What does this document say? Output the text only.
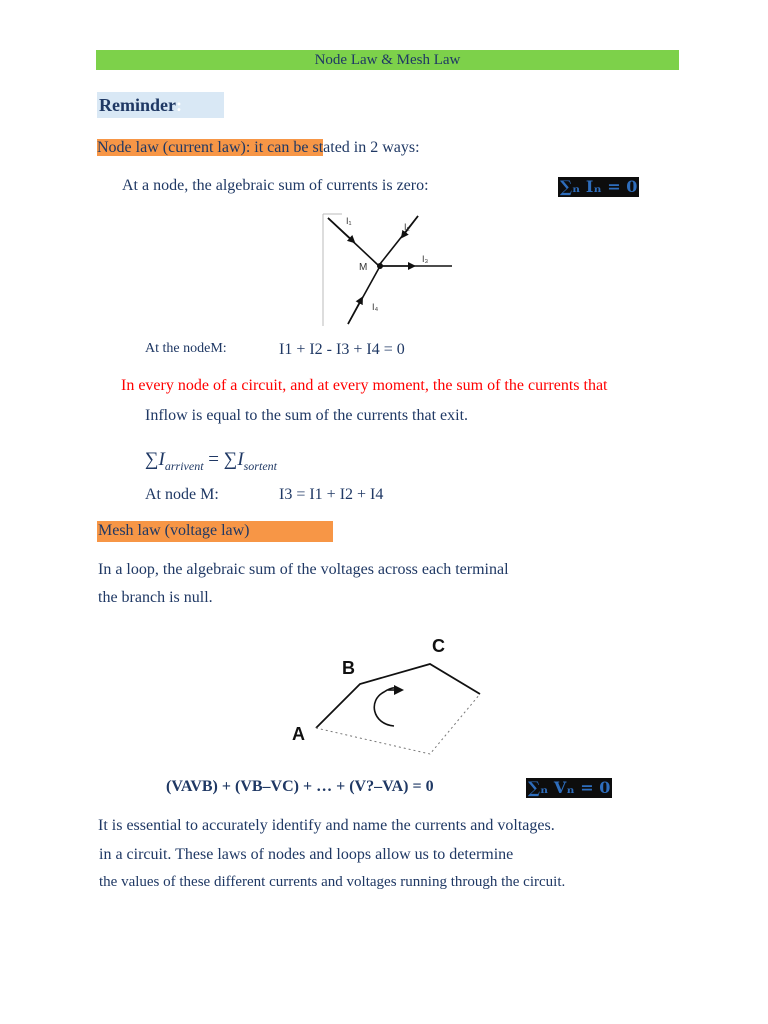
Node Law & Mesh Law
Reminder :
Node law (current law): it can be stated in 2 ways:
At a node, the algebraic sum of currents is zero:	∑ₙ Iₙ = 0
I₁
I₂
I₃
I₄
M
At the nodeM:	I1 + I2 - I3 + I4 = 0
In every node of a circuit, and at every moment, the sum of the currents that
Inflow is equal to the sum of the currents that exit.
$\sum I_{arrivent} = \sum I_{sortent}$
At node M:	I3 = I1 + I2 + I4
Mesh law (voltage law)
In a loop, the algebraic sum of the voltages across each terminal
the branch is null.
A
B
C
(VAVB) + (VB–VC) + … + (V?–VA) = 0	∑ₙ Vₙ = 0
It is essential to accurately identify and name the currents and voltages.
in a circuit. These laws of nodes and loops allow us to determine
the values of these different currents and voltages running through the circuit.
